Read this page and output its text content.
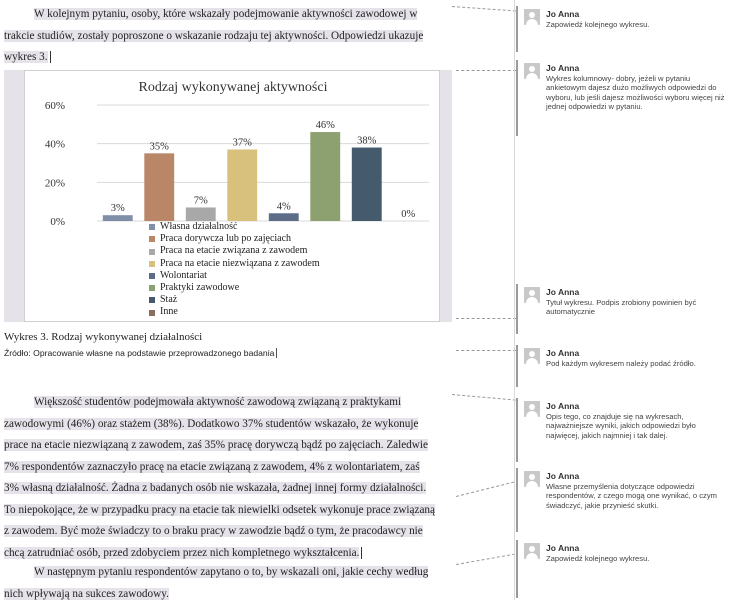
W kolejnym pytaniu, osoby, które wskazały podejmowanie aktywności zawodowej w

trakcie studiów, zostały poproszone o wskazanie rodzaju tej aktywności. Odpowiedzi ukazuje

wykres 3.

Rodzaj wykonywanej aktywności
0%
20%
40%
60%
3%
35%
7%
37%
4%
46%
38%
0%
Własna działalność
Praca dorywcza lub po zajęciach
Praca na etacie związana z zawodem
Praca na etacie niezwiązana z zawodem
Wolontariat
Praktyki zawodowe
Staż
Inne
Wykres 3. Rodzaj wykonywanej działalności
Źródło: Opracowanie własne na podstawie przeprowadzonego badania

Większość studentów podejmowała aktywność zawodową związaną z praktykami

zawodowymi (46%) oraz stażem (38%). Dodatkowo 37% studentów wskazało, że wykonuje

prace na etacie niezwiązaną z zawodem, zaś 35% pracę dorywczą bądź po zajęciach. Zaledwie

7% respondentów zaznaczyło pracę na etacie związaną z zawodem, 4% z wolontariatem, zaś

3% własną działalność. Żadna z badanych osób nie wskazała, żadnej innej formy działalności.

To niepokojące, że w przypadku pracy na etacie tak niewielki odsetek wykonuje prace związaną

z zawodem. Być może świadczy to o braku pracy w zawodzie bądź o tym, że pracodawcy nie

chcą zatrudniać osób, przed zdobyciem przez nich kompletnego wykształcenia.

W następnym pytaniu respondentów zapytano o to, by wskazali oni, jakie cechy według

nich wpływają na sukces zawodowy.

Jo Anna
Zapowiedź kolejnego wykresu.
Jo Anna
Wykres kolumnowy- dobry, jeżeli w pytaniu ankietowym dajesz dużo możliwych odpowiedzi do wyboru, lub jeśli dajesz możliwości wyboru więcej niż jednej odpowiedzi w pytaniu.
Jo Anna
Tytuł wykresu. Podpis zrobiony powinien być automatycznie
Jo Anna
Pod każdym wykresem należy podać źródło.
Jo Anna
Opis tego, co znajduje się na wykresach, najważniejsze wyniki, jakich odpowiedzi było najwięcej, jakich najmniej i tak dalej.
Jo Anna
Własne przemyślenia dotyczące odpowiedzi respondentów, z czego mogą one wynikać, o czym świadczyć, jakie przynieść skutki.
Jo Anna
Zapowiedź kolejnego wykresu.
